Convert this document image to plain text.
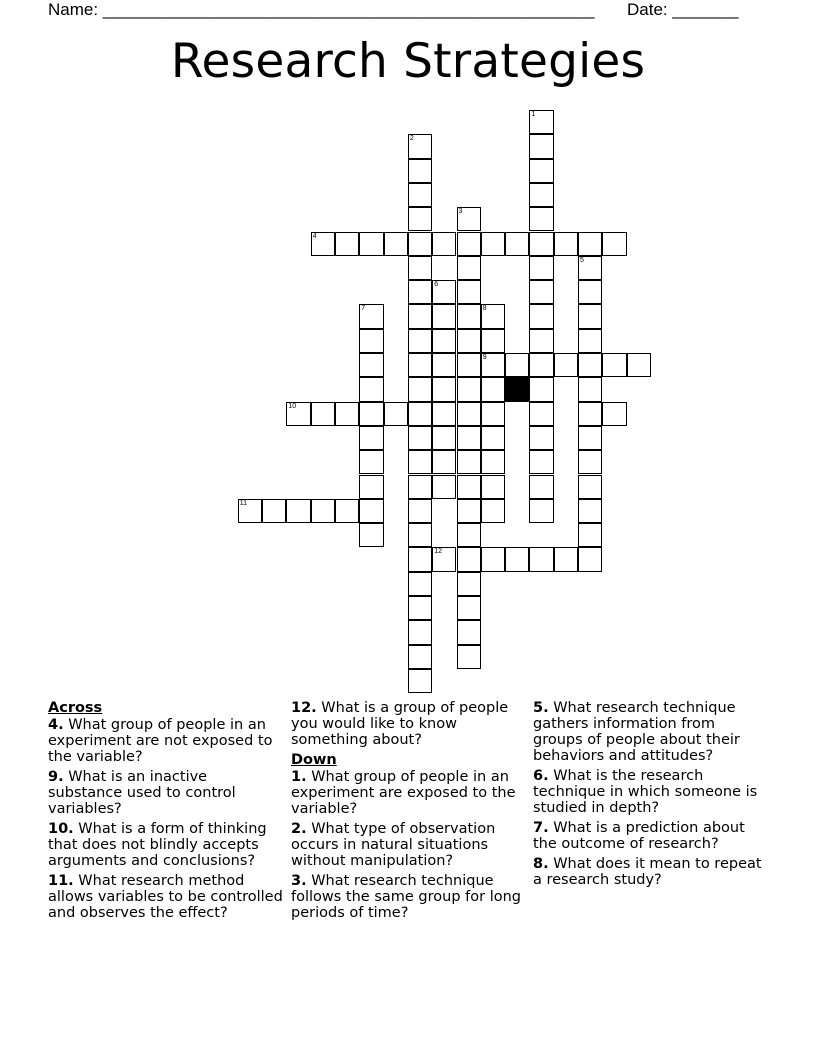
Name: ____________________________________________________ Date: _______
Research Strategies
1
2
3
4
5
6
7	8
9
10
11
12
Across
4. What group of people in an experiment are not exposed to the variable?
9. What is an inactive substance used to control variables?
10. What is a form of thinking that does not blindly accepts arguments and conclusions?
11. What research method allows variables to be controlled and observes the effect?
12. What is a group of people you would like to know something about?
Down
1. What group of people in an experiment are exposed to the variable?
2. What type of observation occurs in natural situations without manipulation?
3. What research technique follows the same group for long periods of time?
5. What research technique gathers information from groups of people about their behaviors and attitudes?
6. What is the research technique in which someone is studied in depth?
7. What is a prediction about the outcome of research?
8. What does it mean to repeat a research study?
